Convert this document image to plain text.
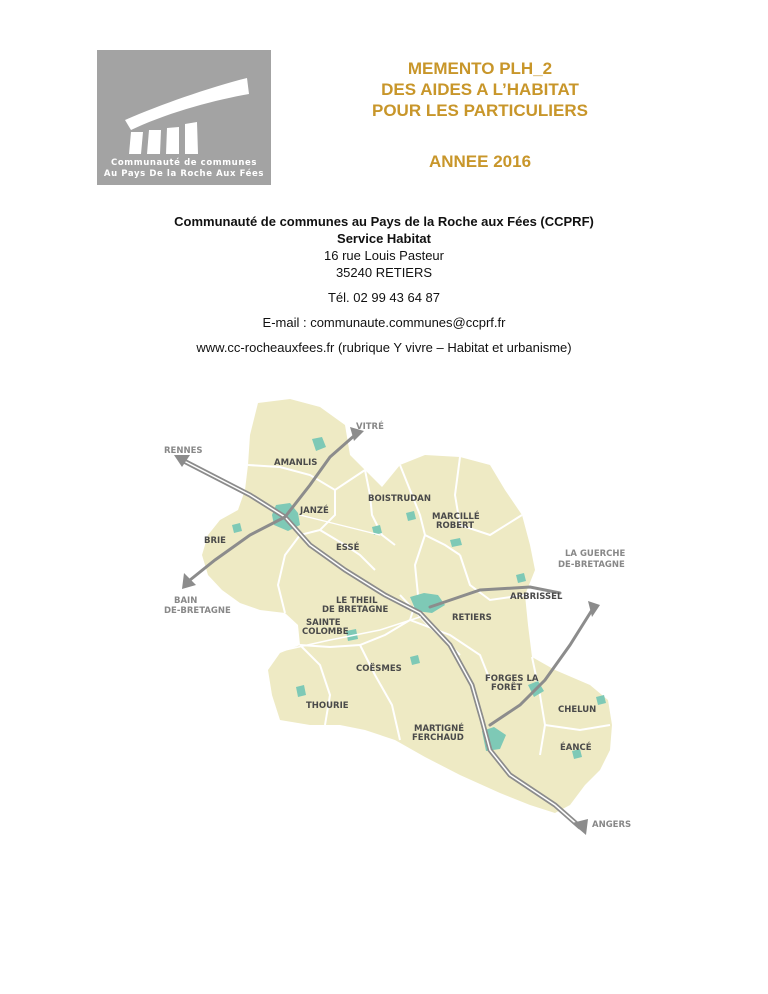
Communauté de communes
Au Pays De la Roche Aux Fées
MEMENTO PLH_2
DES AIDES A L’HABITAT
POUR LES PARTICULIERS
ANNEE 2016
Communauté de communes au Pays de la Roche aux Fées (CCPRF)
Service Habitat
16 rue Louis Pasteur
35240 RETIERS
Tél. 02 99 43 64 87
E-mail : communaute.communes@ccprf.fr
www.cc-rocheauxfees.fr (rubrique Y vivre – Habitat et urbanisme)
RENNES
VITRÉ
LA GUERCHE
DE-BRETAGNE
BAIN
DE-BRETAGNE
ANGERS
AMANLIS
BOISTRUDAN
JANZÉ
MARCILLÉ
ROBERT
BRIE
ESSÉ
ARBRISSEL
LE THEIL
DE BRETAGNE
RETIERS
SAINTE
COLOMBE
COËSMES
FORGES LA
FORÊT
THOURIE	CHELUN
MARTIGNÉ
FERCHAUD
ÉANCÉ
